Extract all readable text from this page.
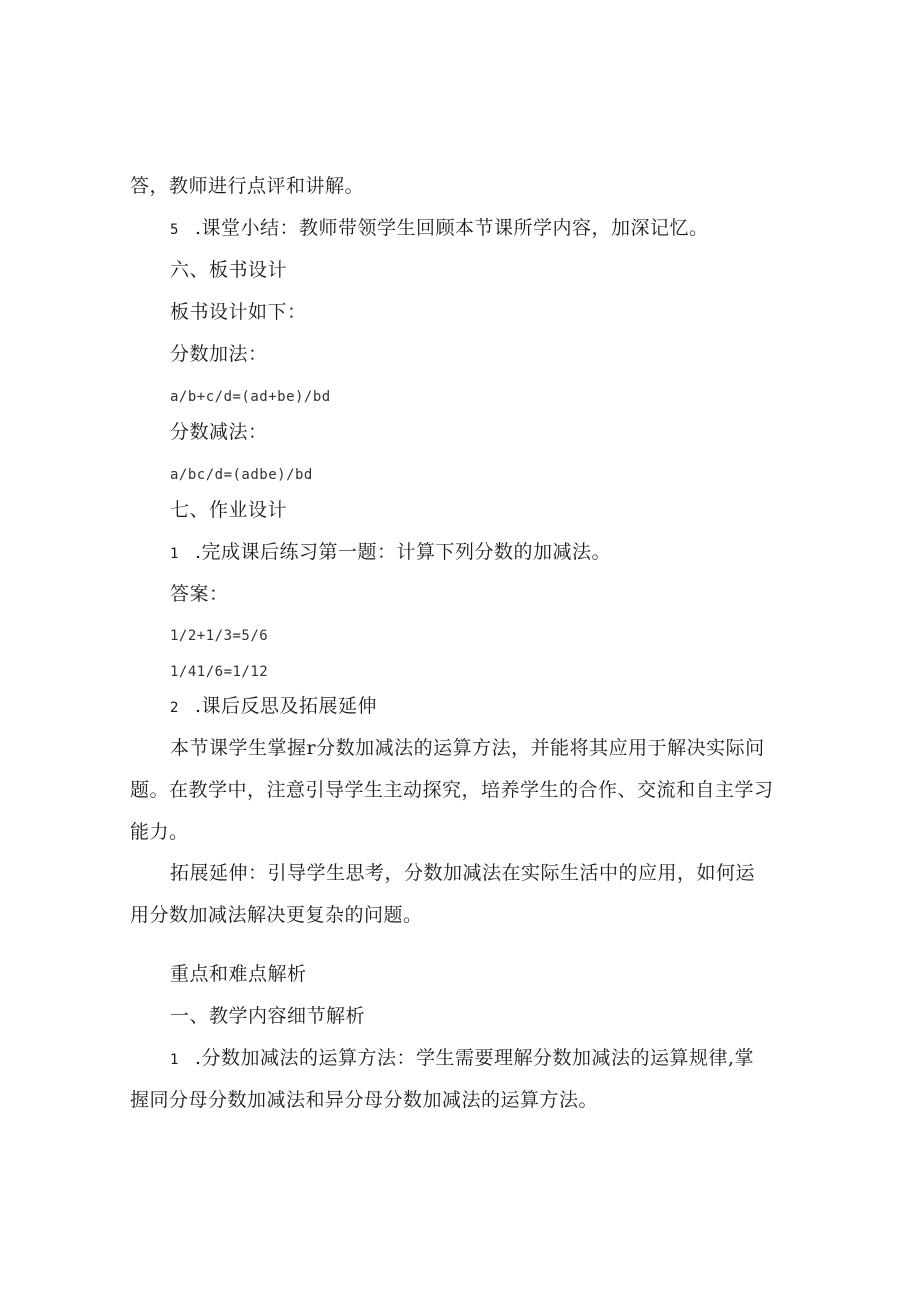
答，教师进行点评和讲解。
5 .课堂小结：教师带领学生回顾本节课所学内容，加深记忆。
六、板书设计
板书设计如下：
分数加法：
a/b+c/d=(ad+be)/bd
分数减法：
a/bc/d=(adbe)/bd
七、作业设计
1 .完成课后练习第一题：计算下列分数的加减法。
答案：
1/2+1/3=5/6
1/41/6=1/12
2 .课后反思及拓展延伸
本节课学生掌握r分数加减法的运算方法，并能将其应用于解决实际问
题。在教学中，注意引导学生主动探究，培养学生的合作、交流和自主学习
能力。
拓展延伸：引导学生思考，分数加减法在实际生活中的应用，如何运
用分数加减法解决更复杂的问题。
重点和难点解析
一、教学内容细节解析
1 .分数加减法的运算方法：学生需要理解分数加减法的运算规律,掌
握同分母分数加减法和异分母分数加减法的运算方法。
